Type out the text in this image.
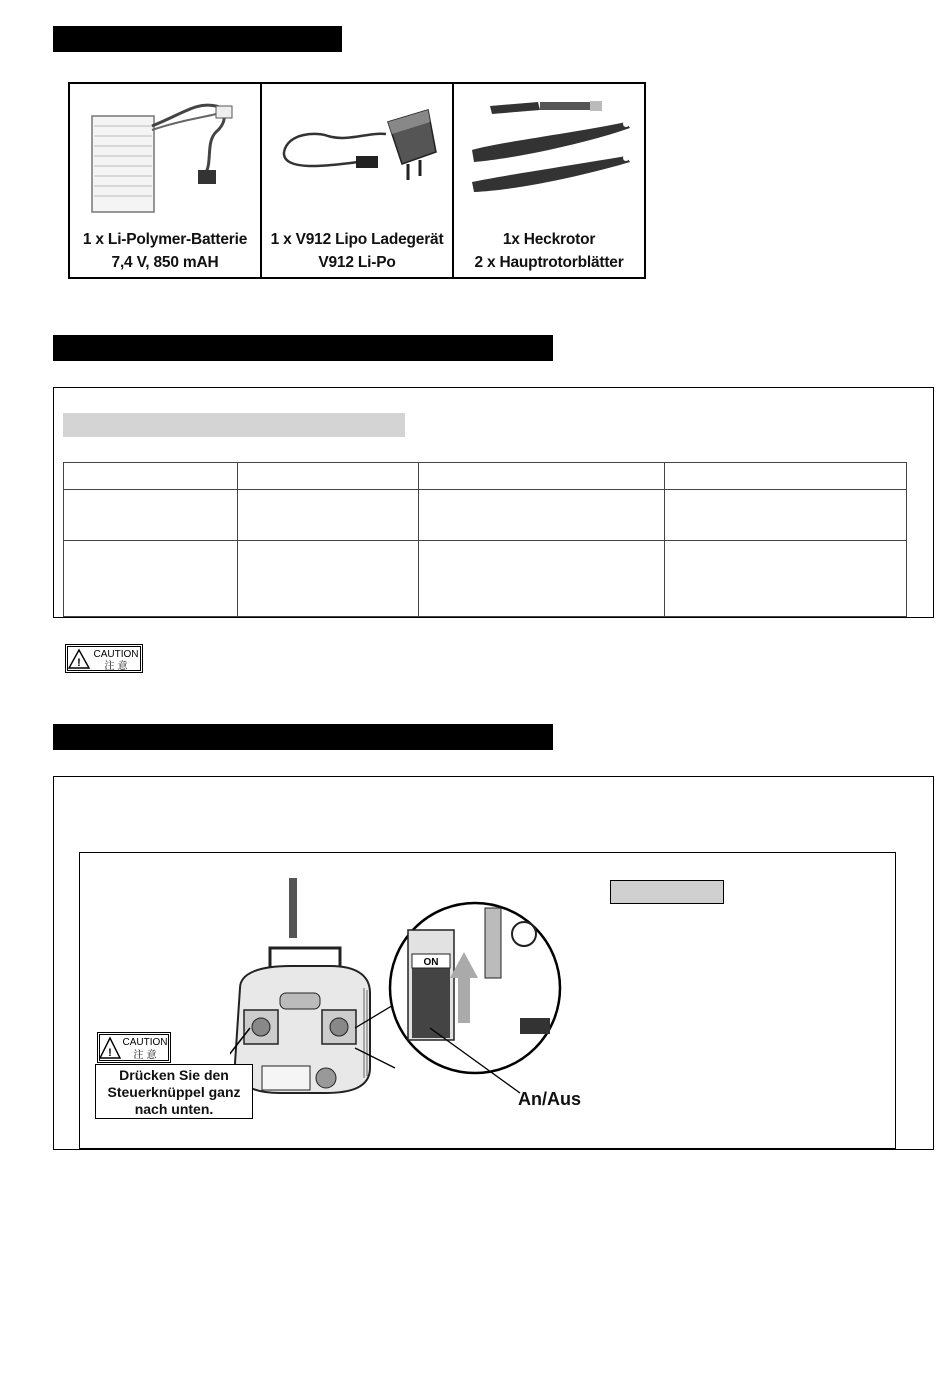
1 x Li-Polymer-Batterie
7,4 V, 850 mAH
1 x V912 Lipo Ladegerät
V912 Li-Po
1x Heckrotor
2 x Hauptrotorblätter

!
CAUTION
注 意
ON
!
CAUTION
注 意
Drücken Sie den
Steuerknüppel ganz
nach unten.	An/Aus
